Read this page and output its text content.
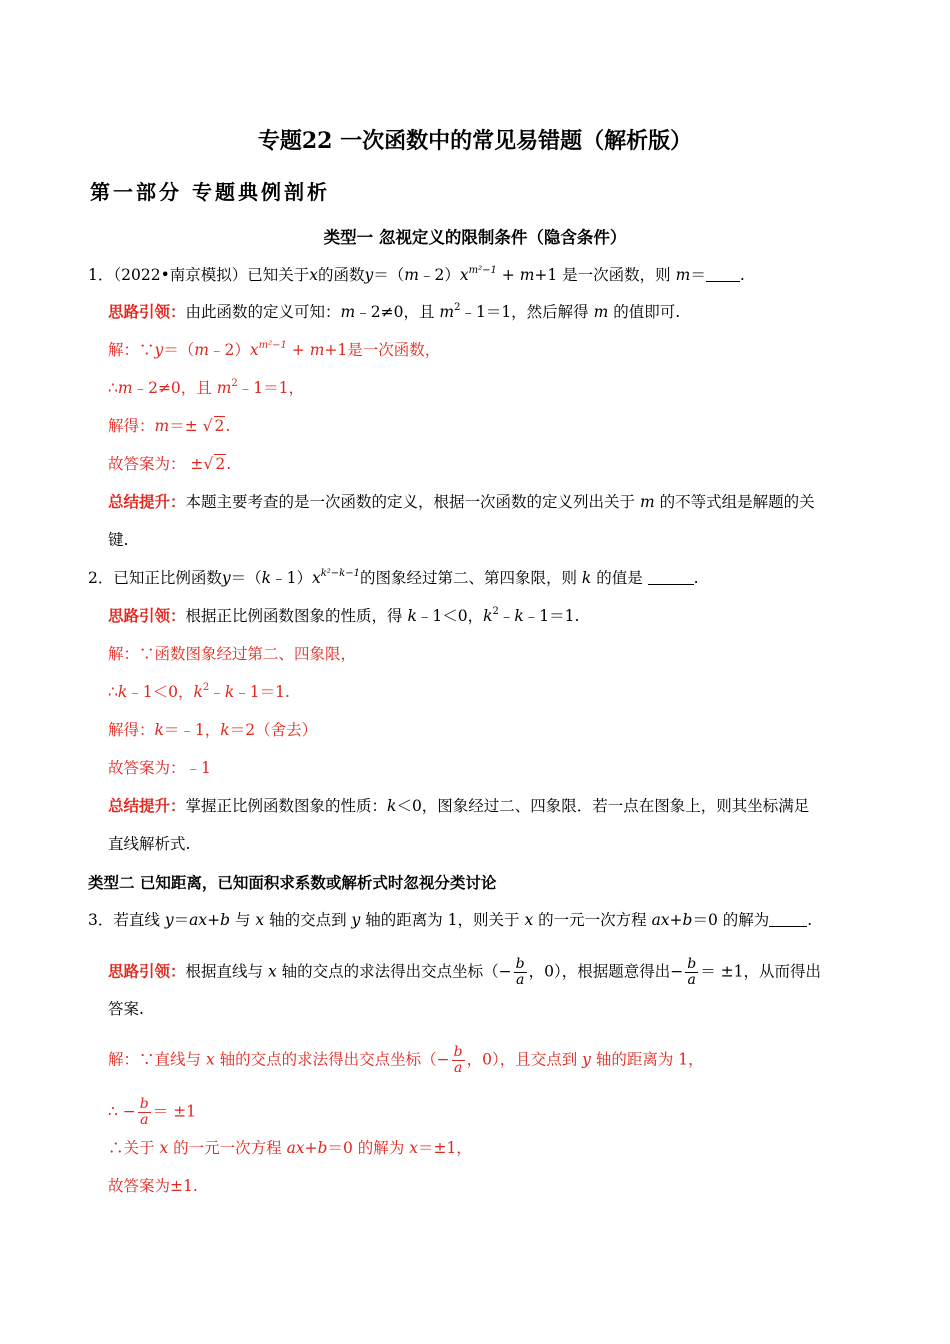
专题22 一次函数中的常见易错题（解析版）
第一部分 专题典例剖析
类型一 忽视定义的限制条件（隐含条件）
1．（2022•南京模拟）已知关于x的函数$y=(m﹣2)x^{m^2-1} + m+1$ 是一次函数，则 m＝ .
思路引领：由此函数的定义可知：m﹣2≠0，且 $m^2﹣1=1$，然后解得 m 的值即可.
解：$\because y=(m﹣2)x^{m^2-1} + m+1$是一次函数，
∴m﹣2≠0，且 $m^2﹣1=1$，
解得：m＝± √ 2.
故答案为： ±√ 2.
总结提升：本题主要考查的是一次函数的定义，根据一次函数的定义列出关于 m 的不等式组是解题的关
键.
2．已知正比例函数$y=(k﹣1)x^{k^2-k-1}$的图象经过第二、第四象限，则 k 的值是	.
思路引领：根据正比例函数图象的性质，得 k﹣1＜0，$k^2﹣k﹣1=1$.
解：∵函数图象经过第二、四象限，
∴k﹣1＜0，$k^2﹣k﹣1=1$.
解得：k＝﹣1，k＝2（舍去）
故答案为：﹣1
总结提升：掌握正比例函数图象的性质：k＜0，图象经过二、四象限．若一点在图象上，则其坐标满足
直线解析式.
类型二 已知距离，已知面积求系数或解析式时忽视分类讨论
3．若直线 y＝ax+b 与 x 轴的交点到 y 轴的距离为 1，则关于 x 的一元一次方程 ax+b＝0 的解为 .
思路引领：根据直线与 x 轴的交点的求法得出交点坐标（− $\frac{b}{a}$ ，0），根据题意得出− $\frac{b}{a} = \pm 1$，从而得出
答案.
解：∵直线与 x 轴的交点的求法得出交点坐标（− $\frac{b}{a}$ ，0），且交点到 y 轴的距离为 1，
∴ − $\frac{b}{a} = \pm 1$
∴关于 x 的一元一次方程 ax+b＝0 的解为 x＝±1，
故答案为±1.
